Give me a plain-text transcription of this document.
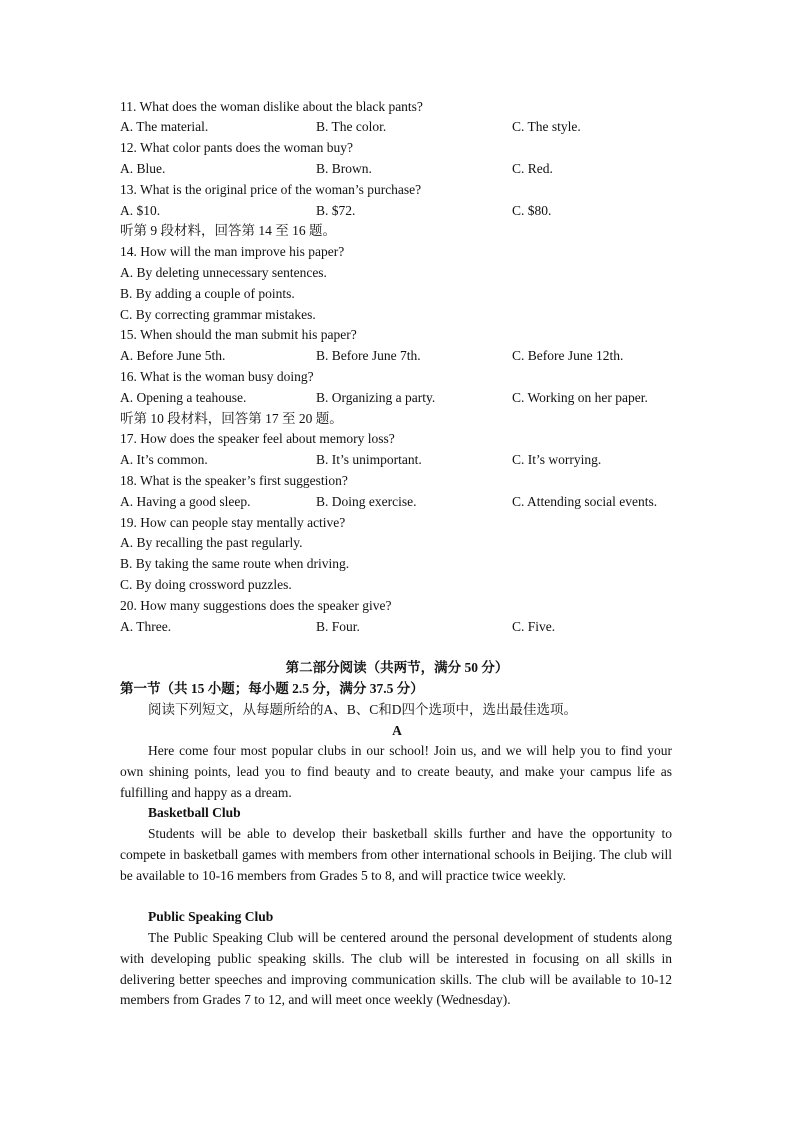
11. What does the woman dislike about the black pants?
A. The material.	B. The color.	C. The style.
12. What color pants does the woman buy?
A. Blue.	B. Brown.	C. Red.
13. What is the original price of the woman’s purchase?
A. $10.	B. $72.	C. $80.
听第 9 段材料，回答第 14 至 16 题。
14. How will the man improve his paper?
A. By deleting unnecessary sentences.
B. By adding a couple of points.
C. By correcting grammar mistakes.
15. When should the man submit his paper?
A. Before June 5th.	B. Before June 7th.	C. Before June 12th.
16. What is the woman busy doing?
A. Opening a teahouse.	B. Organizing a party.	C. Working on her paper.
听第 10 段材料，回答第 17 至 20 题。
17. How does the speaker feel about memory loss?
A. It’s common.	B. It’s unimportant.	C. It’s worrying.
18. What is the speaker’s first suggestion?
A. Having a good sleep.	B. Doing exercise.	C. Attending social events.
19. How can people stay mentally active?
A. By recalling the past regularly.
B. By taking the same route when driving.
C. By doing crossword puzzles.
20. How many suggestions does the speaker give?
A. Three.	B. Four.	C. Five.
第二部分阅读（共两节，满分 50 分）
第一节（共 15 小题；每小题 2.5 分，满分 37.5 分）
阅读下列短文，从每题所给的A、B、C和D四个选项中，选出最佳选项。
A
Here come four most popular clubs in our school! Join us, and we will help you to find your own shining points, lead you to find beauty and to create beauty, and make your campus life as fulfilling and happy as a dream.
Basketball Club
Students will be able to develop their basketball skills further and have the opportunity to compete in basketball games with members from other international schools in Beijing. The club will be available to 10-16 members from Grades 5 to 8, and will practice twice weekly.
Public Speaking Club
The Public Speaking Club will be centered around the personal development of students along with developing public speaking skills. The club will be interested in focusing on all skills in delivering better speeches and improving communication skills. The club will be available to 10-12 members from Grades 7 to 12, and will meet once weekly (Wednesday).
